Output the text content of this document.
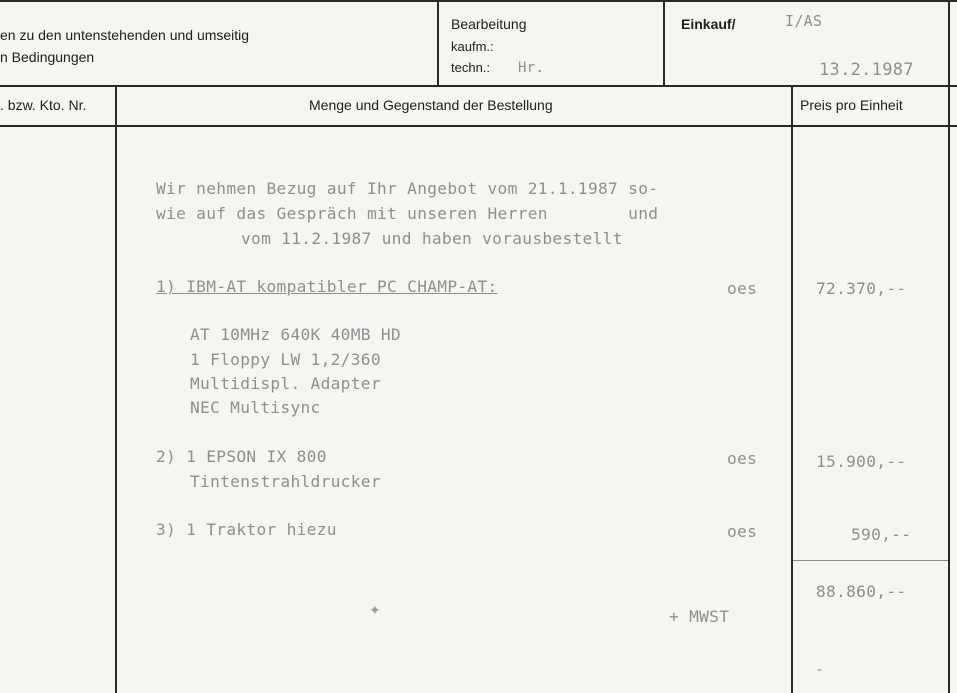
en zu den untenstehenden und umseitig
n Bedingungen
Bearbeitung
kaufm.:
techn.: Hr.
Einkauf/	I/AS
13.2.1987
. bzw. Kto. Nr.	Menge und Gegenstand der Bestellung	Preis pro Einheit
Wir nehmen Bezug auf Ihr Angebot vom 21.1.1987 so-
wie auf das Gespräch mit unseren Herren        und
vom 11.2.1987 und haben vorausbestellt
1) IBM-AT kompatibler PC CHAMP-AT:	oes	72.370,--
AT 10MHz 640K 40MB HD
1 Floppy LW 1,2/360
Multidispl. Adapter
NEC Multisync
2) 1 EPSON IX 800	oes	15.900,--
Tintenstrahldrucker
3) 1 Traktor hiezu	oes	590,--
88.860,--
+ MWST
✦
-
